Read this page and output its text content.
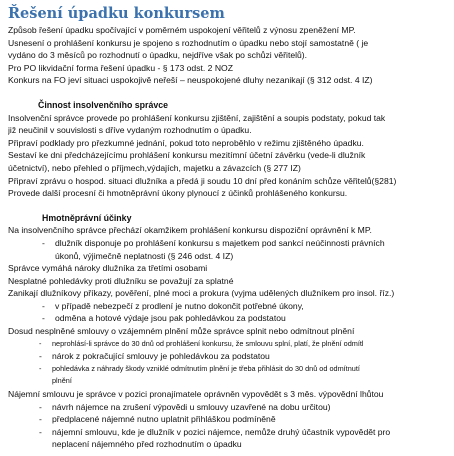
Řešení úpadku konkursem
Způsob řešení úpadku spočívající v poměrném uspokojení věřitelů z výnosu zpeněžení MP.
Usnesení o prohlášení konkursu je spojeno s rozhodnutím o úpadku nebo stojí samostatně ( je
vydáno do 3 měsíců po rozhodnutí o úpadku, nejdříve však po schůzi věřitelů).
Pro PO likvidační forma řešení úpadku - § 173 odst. 2 NOZ
Konkurs na FO jeví situaci uspokojivě neřeší – neuspokojené dluhy nezanikají (§ 312 odst. 4 IZ)
Činnost insolvenčního správce
Insolvenční správce provede po prohlášení konkursu zjištění, zajištění a soupis podstaty, pokud tak
již neučinil v souvislosti s dříve vydaným rozhodnutím o úpadku.
Připraví podklady pro přezkumné jednání, pokud toto neproběhlo v režimu zjištěného úpadku.
Sestaví ke dni předcházejícímu prohlášení konkursu mezitímní účetní závěrku (vede-li dlužník
účetnictví), nebo přehled o příjmech,výdajích, majetku a závazcích (§ 277 IZ)
Připraví zprávu o hospod. situaci dlužníka a předá ji soudu 10 dní před konáním schůze věřitelů(§281)
Provede další procesní či hmotněprávní úkony plynoucí z účinků prohlášeného konkursu.
Hmotněprávní účinky
Na insolvenčního správce přechází okamžikem prohlášení konkursu dispoziční oprávnění k MP.
-	dlužník disponuje po prohlášení konkursu s majetkem pod sankcí neúčinnosti právních
úkonů, výjimečně neplatnosti (§ 246 odst. 4 IZ)
Správce vymáhá nároky dlužníka za třetími osobami
Nesplatné pohledávky proti dlužníku se považují za splatné
Zanikají dlužníkovy příkazy, pověření, plné moci a prokura (vyjma udělených dlužníkem pro insol. říz.)
-	v případě nebezpečí z prodlení je nutno dokončit potřebné úkony,
-	odměna a hotové výdaje jsou pak pohledávkou za podstatou
Dosud nesplněné smlouvy o vzájemném plnění může správce splnit nebo odmítnout plnění
-	neprohlásí-li správce do 30 dnů od prohlášení konkursu, že smlouvu splní, platí, že plnění odmítl
-	nárok z pokračující smlouvy je pohledávkou za podstatou
-	pohledávka z náhrady škody vzniklé odmítnutím plnění je třeba přihlásit do 30 dnů od odmítnutí
plnění
Nájemní smlouvu je správce v pozici pronajímatele oprávněn vypovědět s 3 měs. výpovědní lhůtou
-	návrh nájemce na zrušení výpovědi u smlouvy uzavřené na dobu určitou)
-	předplacené nájemné nutno uplatnit přihláškou podmíněně
-	nájemní smlouvu, kde je dlužník v pozici nájemce, nemůže druhý účastník vypovědět pro
neplacení nájemného před rozhodnutím o úpadku
